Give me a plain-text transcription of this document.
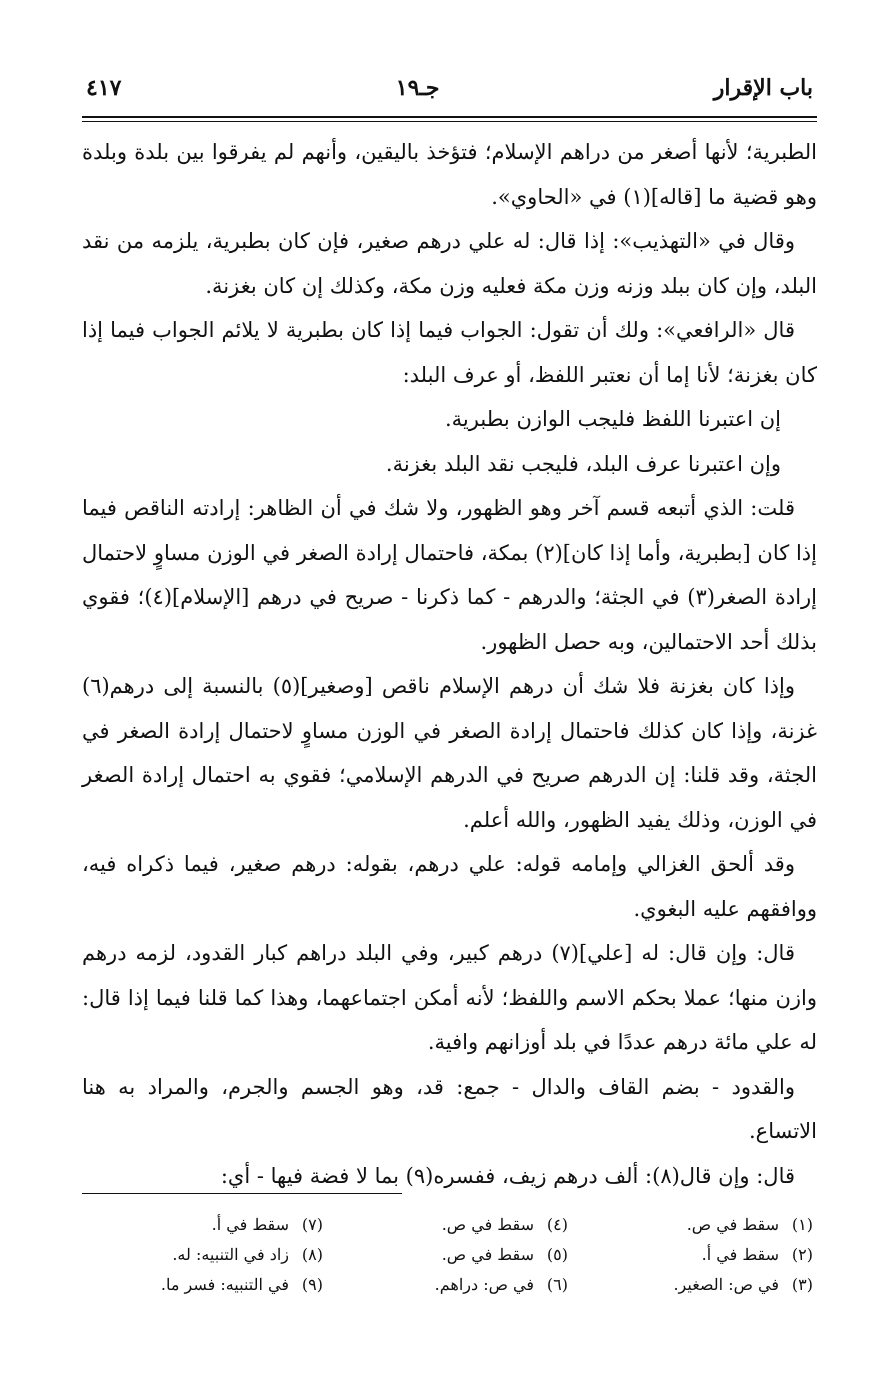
باب الإقرار
جـ١٩
٤١٧

الطبرية؛ لأنها أصغر من دراهم الإسلام؛ فتؤخذ باليقين، وأنهم لم يفرقوا بين بلدة وبلدة وهو قضية ما [قاله](١) في «الحاوي».

وقال في «التهذيب»: إذا قال: له علي درهم صغير، فإن كان بطبرية، يلزمه من نقد البلد، وإن كان ببلد وزنه وزن مكة فعليه وزن مكة، وكذلك إن كان بغزنة.

قال «الرافعي»: ولك أن تقول: الجواب فيما إذا كان بطبرية لا يلائم الجواب فيما إذا كان بغزنة؛ لأنا إما أن نعتبر اللفظ، أو عرف البلد:

إن اعتبرنا اللفظ فليجب الوازن بطبرية.

وإن اعتبرنا عرف البلد، فليجب نقد البلد بغزنة.

قلت: الذي أتبعه قسم آخر وهو الظهور، ولا شك في أن الظاهر: إرادته الناقص فيما إذا كان [بطبرية، وأما إذا كان](٢) بمكة، فاحتمال إرادة الصغر في الوزن مساوٍ لاحتمال إرادة الصغر(٣) في الجثة؛ والدرهم - كما ذكرنا - صريح في درهم [الإسلام](٤)؛ فقوي بذلك أحد الاحتمالين، وبه حصل الظهور.

وإذا كان بغزنة فلا شك أن درهم الإسلام ناقص [وصغير](٥) بالنسبة إلى درهم(٦) غزنة، وإذا كان كذلك فاحتمال إرادة الصغر في الوزن مساوٍ لاحتمال إرادة الصغر في الجثة، وقد قلنا: إن الدرهم صريح في الدرهم الإسلامي؛ فقوي به احتمال إرادة الصغر في الوزن، وذلك يفيد الظهور، والله أعلم.

وقد ألحق الغزالي وإمامه قوله: علي درهم، بقوله: درهم صغير، فيما ذكراه فيه، ووافقهم عليه البغوي.

قال: وإن قال: له [علي](٧) درهم كبير، وفي البلد دراهم كبار القدود، لزمه درهم وازن منها؛ عملا بحكم الاسم واللفظ؛ لأنه أمكن اجتماعهما، وهذا كما قلنا فيما إذا قال: له علي مائة درهم عددًا في بلد أوزانهم وافية.

والقدود - بضم القاف والدال - جمع: قد، وهو الجسم والجرم، والمراد به هنا الاتساع.

قال: وإن قال(٨): ألف درهم زيف، ففسره(٩) بما لا فضة فيها - أي:

(١)سقط في ص.
(٢)سقط في أ.
(٣)في ص: الصغير.
(٤)سقط في ص.
(٥)سقط في ص.
(٦)في ص: دراهم.
(٧)سقط في أ.
(٨)زاد في التنبيه: له.
(٩)في التنبيه: فسر ما.
